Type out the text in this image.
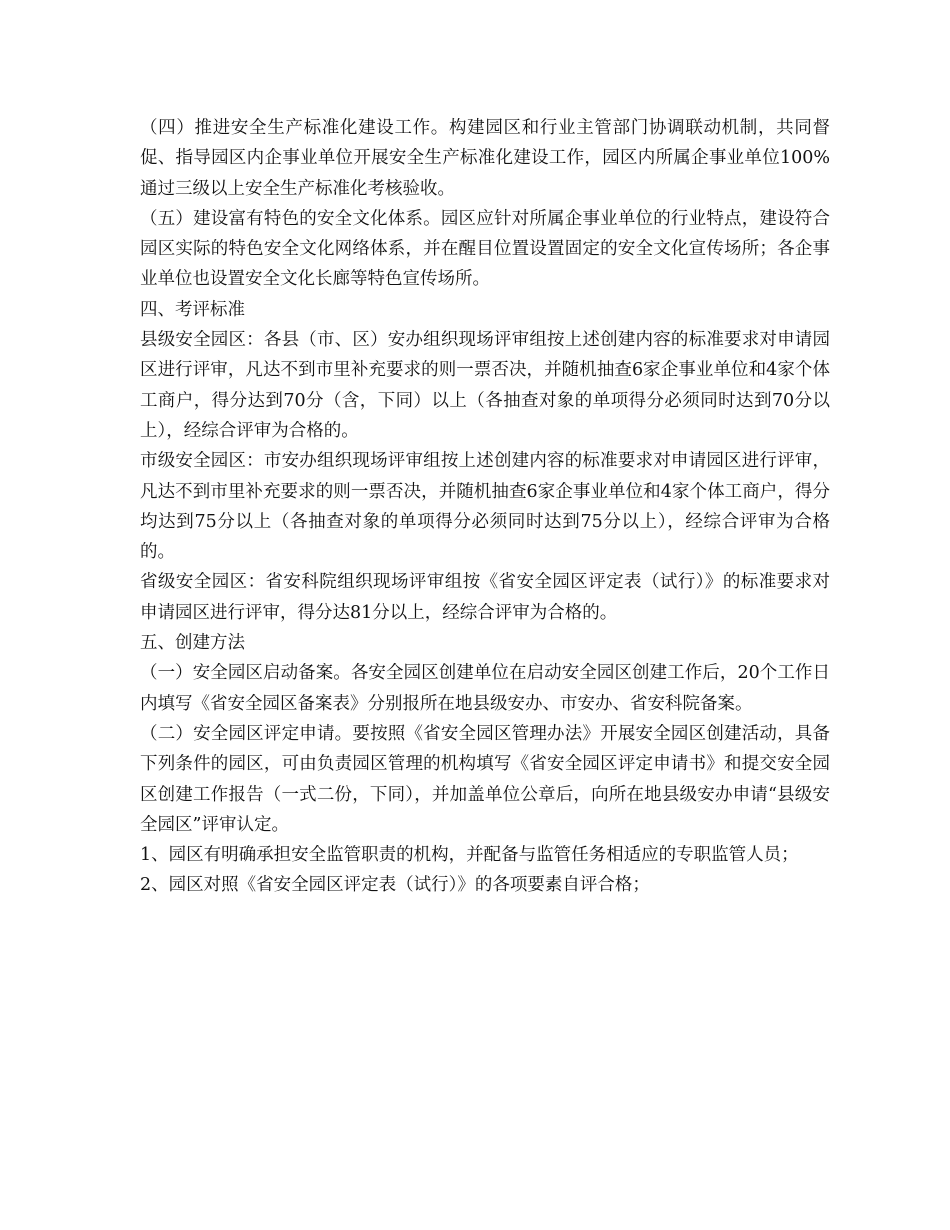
（四）推进安全生产标准化建设工作。构建园区和行业主管部门协调联动机制，共同督促、指导园区内企事业单位开展安全生产标准化建设工作，园区内所属企事业单位100%通过三级以上安全生产标准化考核验收。

（五）建设富有特色的安全文化体系。园区应针对所属企事业单位的行业特点，建设符合园区实际的特色安全文化网络体系，并在醒目位置设置固定的安全文化宣传场所；各企事业单位也设置安全文化长廊等特色宣传场所。

四、考评标准

县级安全园区：各县（市、区）安办组织现场评审组按上述创建内容的标准要求对申请园区进行评审，凡达不到市里补充要求的则一票否决，并随机抽查6家企事业单位和4家个体工商户，得分达到70分（含，下同）以上（各抽查对象的单项得分必须同时达到70分以上），经综合评审为合格的。

市级安全园区：市安办组织现场评审组按上述创建内容的标准要求对申请园区进行评审，凡达不到市里补充要求的则一票否决，并随机抽查6家企事业单位和4家个体工商户，得分均达到75分以上（各抽查对象的单项得分必须同时达到75分以上），经综合评审为合格的。

省级安全园区：省安科院组织现场评审组按《省安全园区评定表（试行）》的标准要求对申请园区进行评审，得分达81分以上，经综合评审为合格的。

五、创建方法

（一）安全园区启动备案。各安全园区创建单位在启动安全园区创建工作后，20个工作日内填写《省安全园区备案表》分别报所在地县级安办、市安办、省安科院备案。

（二）安全园区评定申请。要按照《省安全园区管理办法》开展安全园区创建活动，具备下列条件的园区，可由负责园区管理的机构填写《省安全园区评定申请书》和提交安全园区创建工作报告（一式二份，下同），并加盖单位公章后，向所在地县级安办申请“县级安全园区”评审认定。

1、园区有明确承担安全监管职责的机构，并配备与监管任务相适应的专职监管人员；

2、园区对照《省安全园区评定表（试行）》的各项要素自评合格；
